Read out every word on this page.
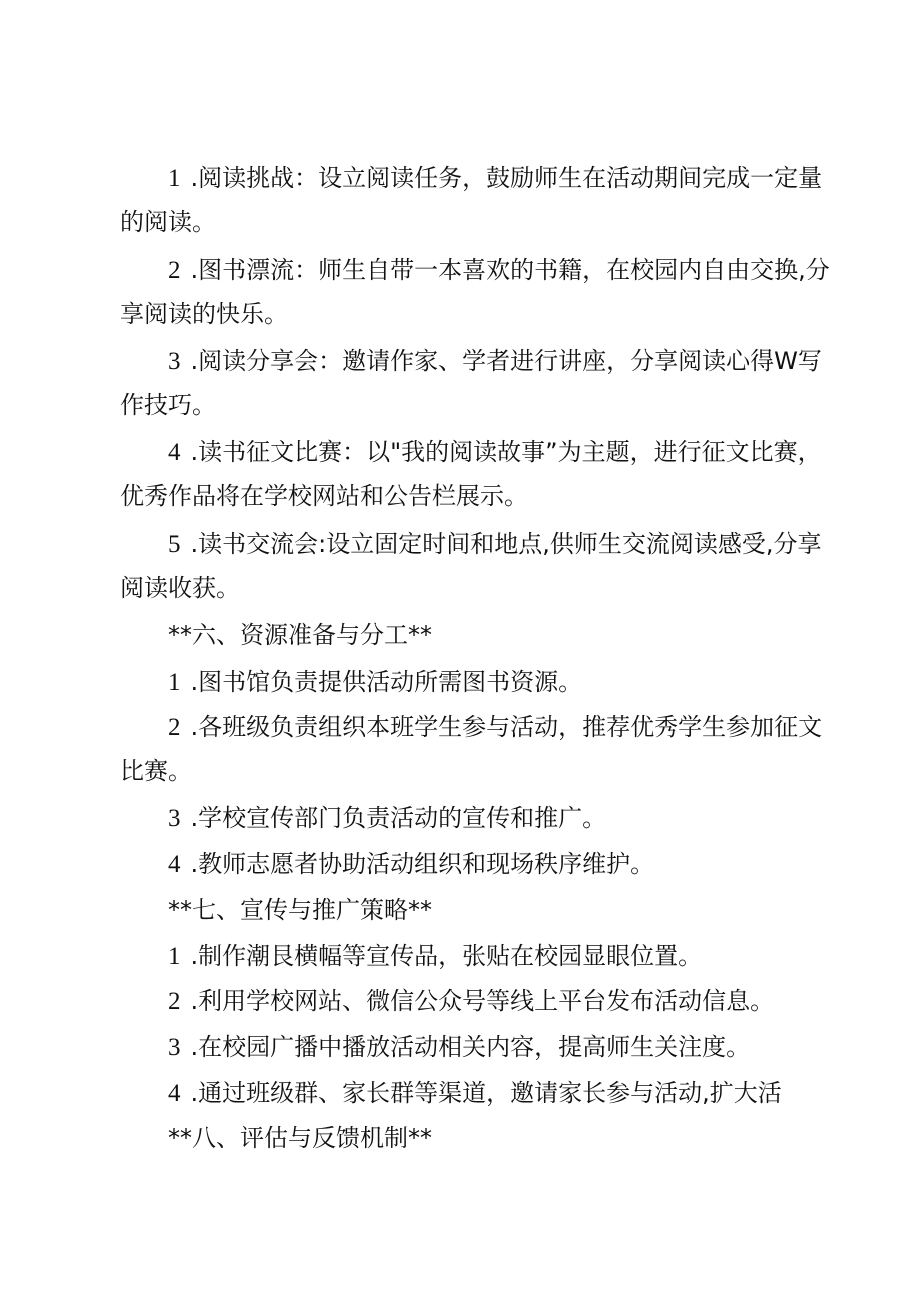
1 .阅读挑战：设立阅读任务，鼓励师生在活动期间完成一定量
的阅读。
2 .图书漂流：师生自带一本喜欢的书籍，在校园内自由交换,分
享阅读的快乐。
3 .阅读分享会：邀请作家、学者进行讲座，分享阅读心得W写
作技巧。
4 .读书征文比赛：以"我的阅读故事”为主题，进行征文比赛，
优秀作品将在学校网站和公告栏展示。
5 .读书交流会:设立固定时间和地点,供师生交流阅读感受,分享
阅读收获。
**六、资源准备与分工**
1 .图书馆负责提供活动所需图书资源。
2 .各班级负责组织本班学生参与活动，推荐优秀学生参加征文
比赛。
3 .学校宣传部门负责活动的宣传和推广。
4 .教师志愿者协助活动组织和现场秩序维护。
**七、宣传与推广策略**
1 .制作潮艮横幅等宣传品，张贴在校园显眼位置。
2 .利用学校网站、微信公众号等线上平台发布活动信息。
3 .在校园广播中播放活动相关内容，提高师生关注度。
4 .通过班级群、家长群等渠道，邀请家长参与活动,扩大活
**八、评估与反馈机制**
